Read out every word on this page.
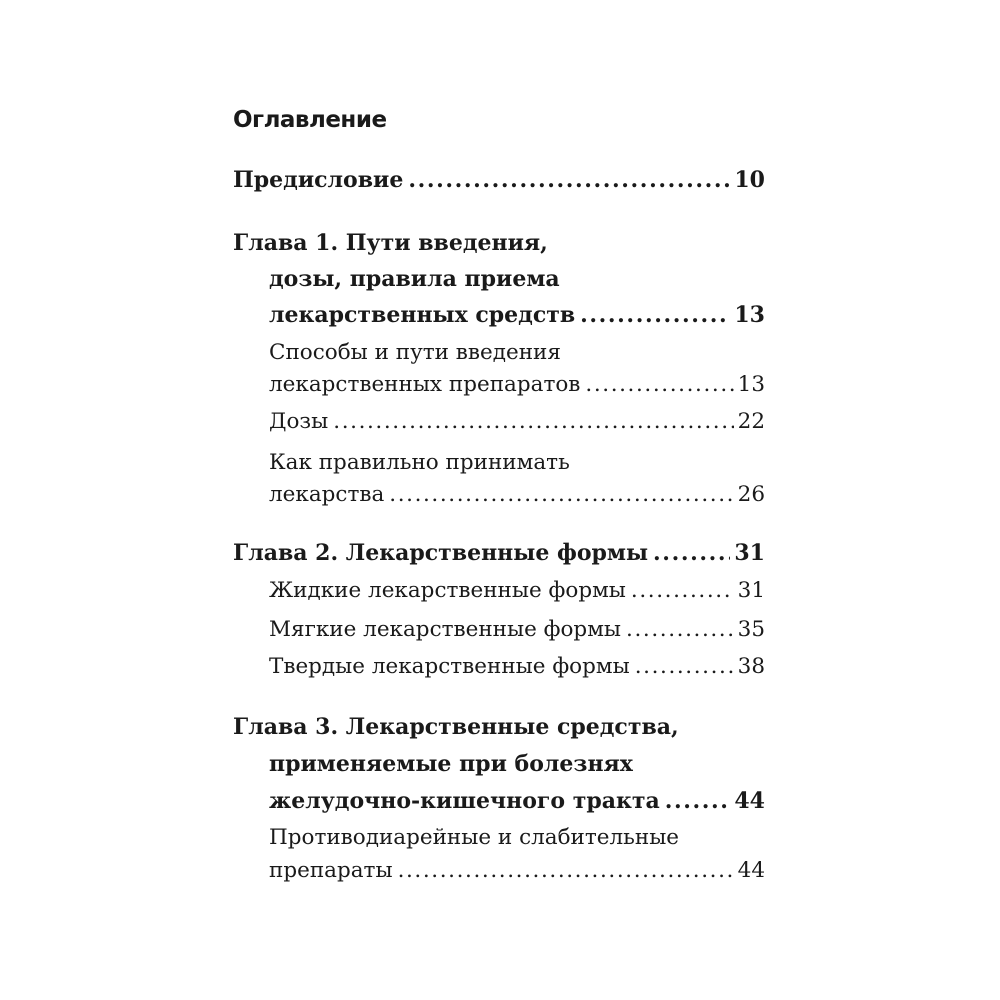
Оглавление
Предисловие .....	10
Глава 1. Пути введения,
дозы, правила приема
лекарственных средств .....	13
Способы и пути введения
лекарственных препаратов .....	13
Дозы .....	22
Как правильно принимать
лекарства .....	26
Глава 2. Лекарственные формы .....	31
Жидкие лекарственные формы .....	31
Мягкие лекарственные формы .....	35
Твердые лекарственные формы .....	38
Глава 3. Лекарственные средства,
применяемые при болезнях
желудочно-кишечного тракта .....	44
Противодиарейные и слабительные
препараты .....	44
